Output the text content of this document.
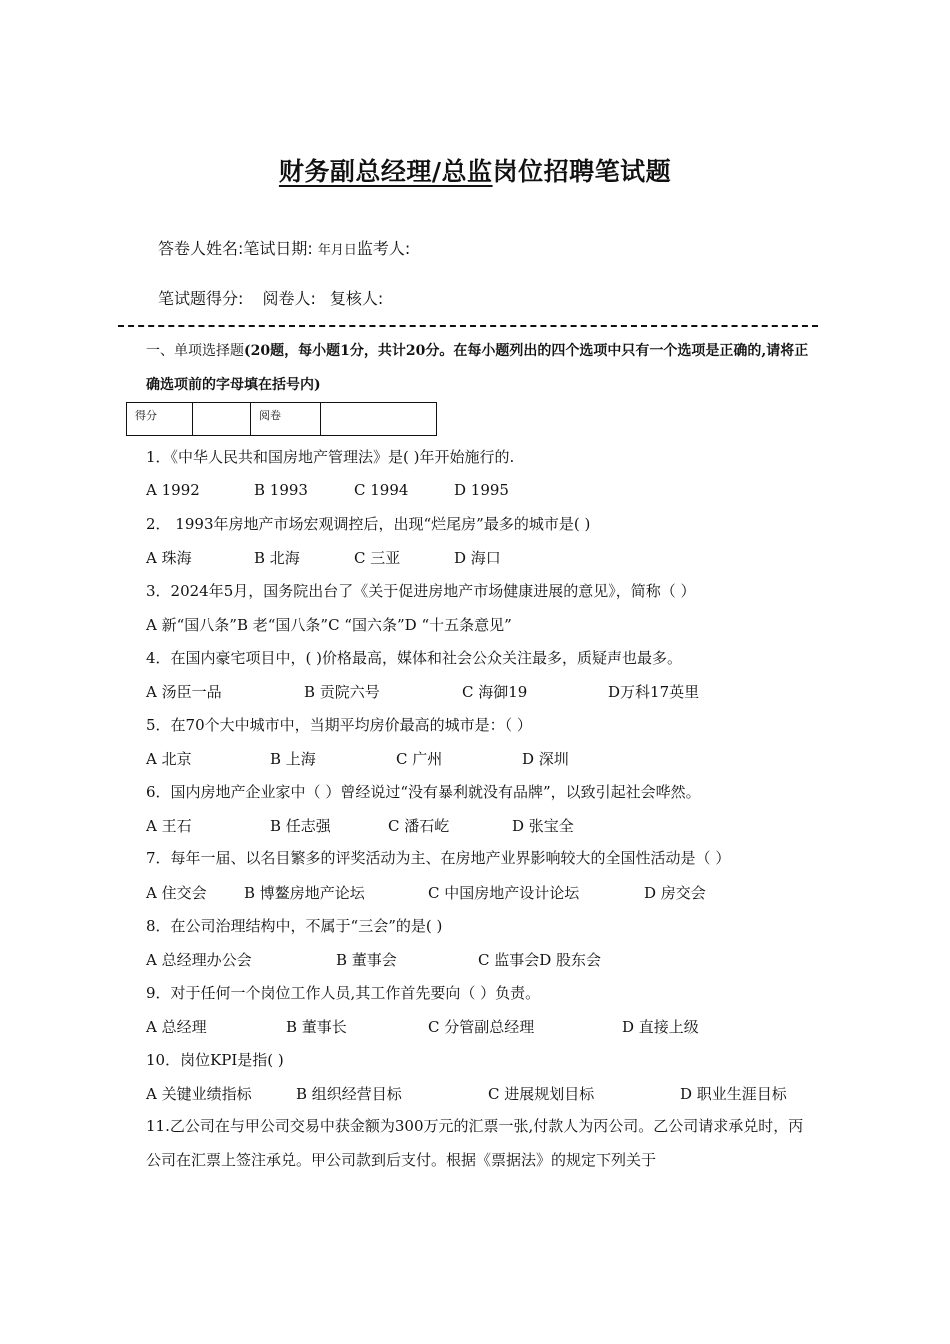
财务副总经理/总监岗位招聘笔试题
答卷人姓名:笔试日期: 年月日监考人:
笔试题得分: 阅卷人: 复核人:
一、单项选择题(20题，每小题1分，共计20分。在每小题列出的四个选项中只有一个选项是正确的,请将正确选项前的字母填在括号内)
得分		阅卷	
1．《中华人民共和国房地产管理法》是( )年开始施行的.
A 1992	B 1993	C 1994	D 1995
2． 1993年房地产市场宏观调控后，出现“烂尾房”最多的城市是( )
A 珠海	B 北海	C 三亚	D 海口
3．2024年5月，国务院出台了《关于促进房地产市场健康进展的意见》，简称（ ）
A 新“国八条”B 老“国八条”C “国六条”D “十五条意见”
4．在国内豪宅项目中，( )价格最高，媒体和社会公众关注最多，质疑声也最多。
A 汤臣一品	B 贡院六号	C 海御19	D万科17英里
5．在70个大中城市中，当期平均房价最高的城市是：（ ）
A 北京	B 上海	C 广州	D 深圳
6．国内房地产企业家中（ ）曾经说过“没有暴利就没有品牌”，以致引起社会哗然。
A 王石	B 任志强	C 潘石屹	D 张宝全
7．每年一届、以名目繁多的评奖活动为主、在房地产业界影响较大的全国性活动是（ ）
A 住交会	B 博鳌房地产论坛	C 中国房地产设计论坛	D 房交会
8．在公司治理结构中，不属于“三会”的是( )
A 总经理办公会	B 董事会	C 监事会D 股东会
9．对于任何一个岗位工作人员,其工作首先要向（ ）负责。
A 总经理	B 董事长	C 分管副总经理	D 直接上级
10．岗位KPI是指( )
A 关键业绩指标	B 组织经营目标	C 进展规划目标	D 职业生涯目标
11.乙公司在与甲公司交易中获金额为300万元的汇票一张,付款人为丙公司。乙公司请求承兑时，丙公司在汇票上签注承兑。甲公司款到后支付。根据《票据法》的规定下列关于
